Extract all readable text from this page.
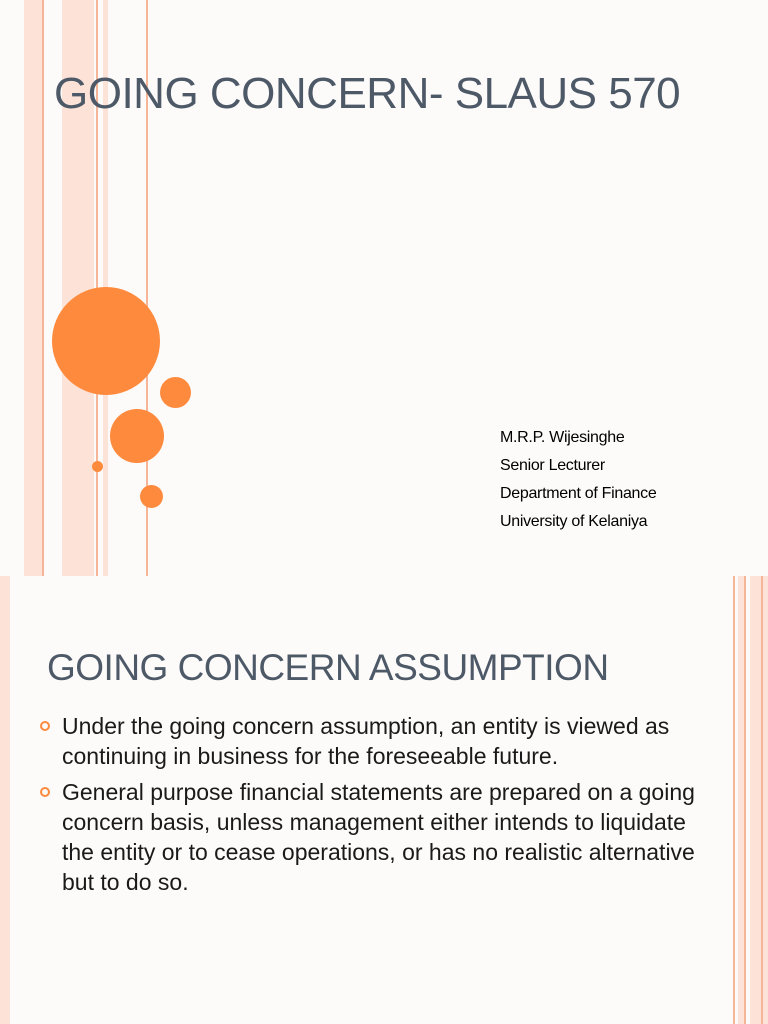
GOING CONCERN- SLAUS 570
M.R.P. Wijesinghe
Senior Lecturer
Department of Finance
University of Kelaniya
GOING CONCERN ASSUMPTION
Under the going concern assumption, an entity is viewed as continuing in business for the foreseeable future.
General purpose financial statements are prepared on a going concern basis, unless management either intends to liquidate the entity or to cease operations, or has no realistic alternative but to do so.
